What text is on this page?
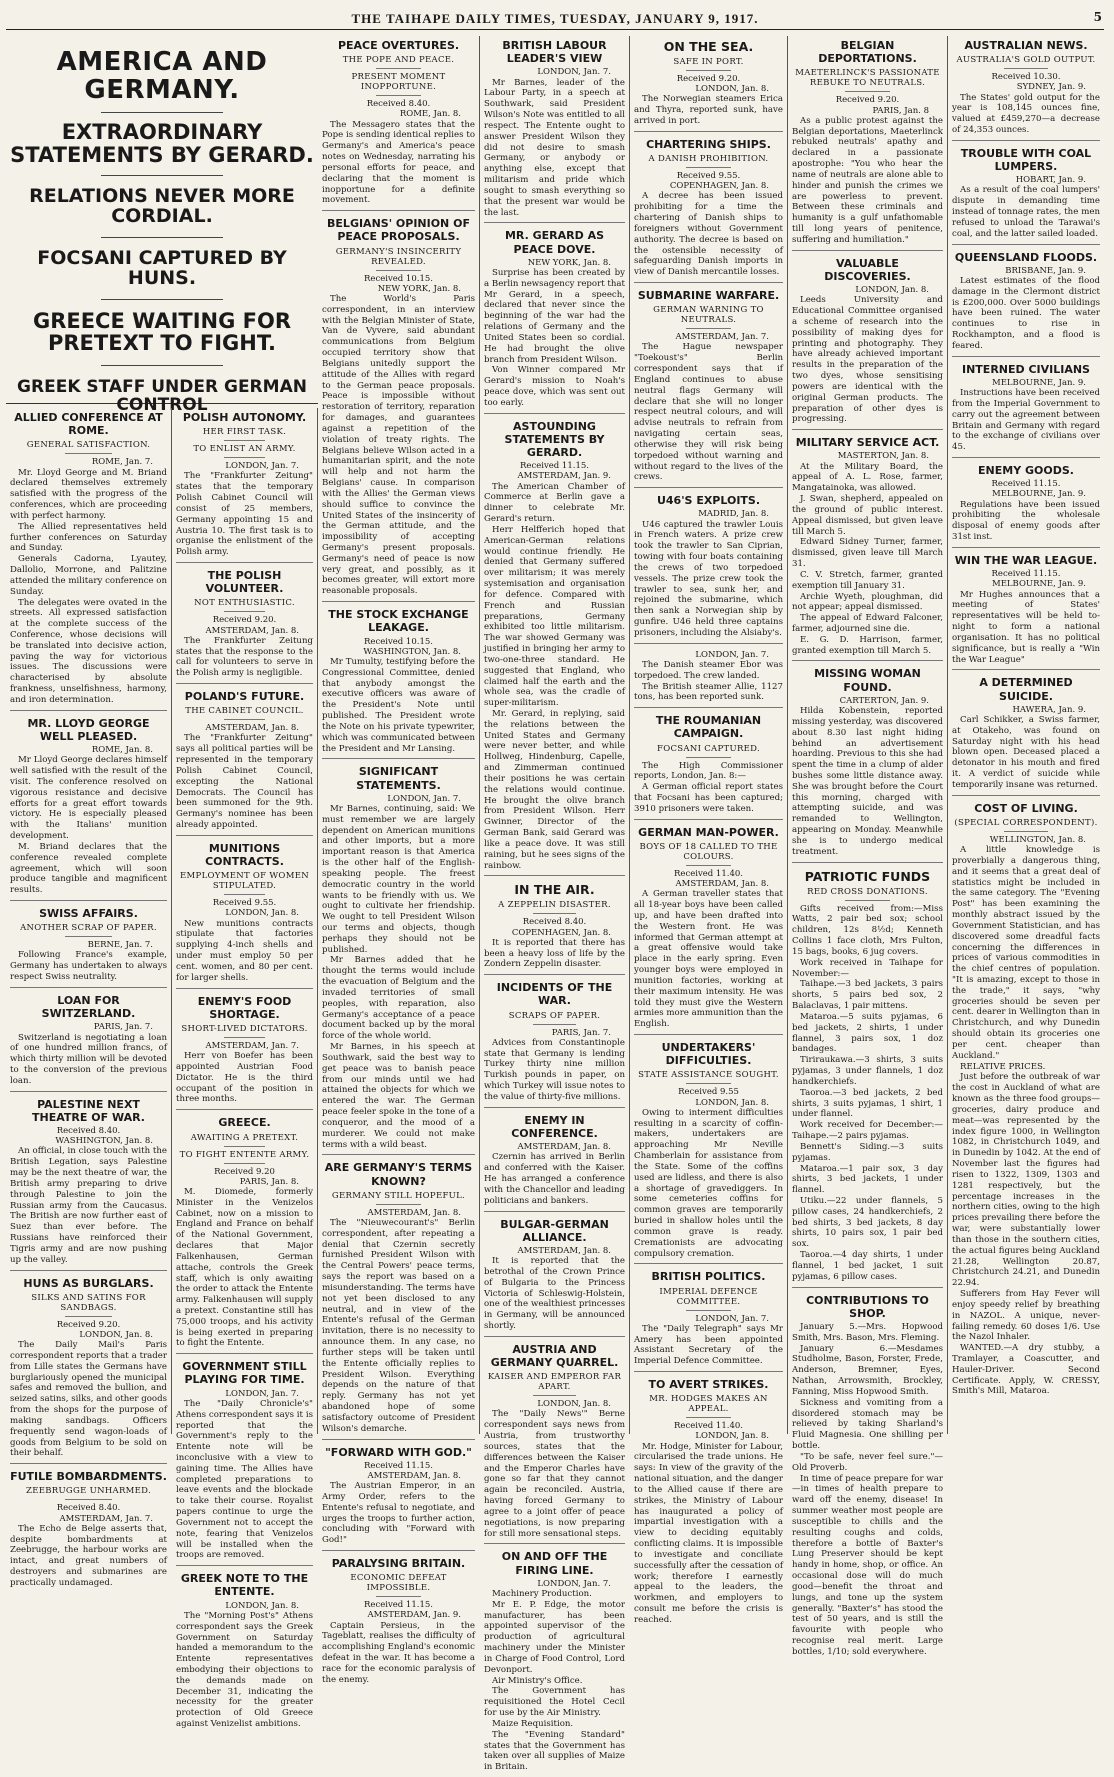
THE TAIHAPE DAILY TIMES, TUESDAY, JANUARY 9, 1917.	5
AMERICA AND GERMANY.
EXTRAORDINARY STATEMENTS BY GERARD.
RELATIONS NEVER MORE CORDIAL.
FOCSANI CAPTURED BY HUNS.
GREECE WAITING FOR PRETEXT TO FIGHT.
GREEK STAFF UNDER GERMAN CONTROL
ALLIED CONFERENCE AT ROME.
GENERAL SATISFACTION.
ROME, Jan. 7.

Mr. Lloyd George and M. Briand declared themselves extremely satisfied with the progress of the conferences, which are proceeding with perfect harmony.

The Allied representatives held further conferences on Saturday and Sunday.

Generals Cadorna, Lyautey, Dallolio, Morrone, and Palitzine attended the military conference on Sunday.

The delegates were ovated in the streets. All expressed satisfaction at the complete success of the Conference, whose decisions will be translated into decisive action, paving the way for victorious issues. The discussions were characterised by absolute frankness, unselfishness, harmony, and iron determination.

MR. LLOYD GEORGE WELL PLEASED.
ROME, Jan. 8.

Mr Lloyd George declares himself well satisfied with the result of the visit. The conference resolved on vigorous resistance and decisive efforts for a great effort towards victory. He is especially pleased with the Italians' munition development.

M. Briand declares that the conference revealed complete agreement, which will soon produce tangible and magnificent results.

SWISS AFFAIRS.
ANOTHER SCRAP OF PAPER.
BERNE, Jan. 7.

Following France's example, Germany has undertaken to always respect Swiss neutrality.

LOAN FOR SWITZERLAND.
PARIS, Jan. 7.

Switzerland is negotiating a loan of one hundred million francs, of which thirty million will be devoted to the conversion of the previous loan.

PALESTINE NEXT THEATRE OF WAR.
Received 8.40.
WASHINGTON, Jan. 8.

An official, in close touch with the British Legation, says Palestine may be the next theatre of war, the British army preparing to drive through Palestine to join the Russian army from the Caucasus. The British are now further east of Suez than ever before. The Russians have reinforced their Tigris army and are now pushing up the valley.

HUNS AS BURGLARS.
SILKS AND SATINS FOR SANDBAGS.
Received 9.20.
LONDON, Jan. 8.

The Daily Mail's Paris correspondent reports that a trader from Lille states the Germans have burglariously opened the municipal safes and removed the bullion, and seized satins, silks, and other goods from the shops for the purpose of making sandbags. Officers frequently send wagon-loads of goods from Belgium to be sold on their behalf.

FUTILE BOMBARDMENTS.
ZEEBRUGGE UNHARMED.
Received 8.40.
AMSTERDAM, Jan. 7.

The Echo de Belge asserts that, despite bombardments at Zeebrugge, the harbour works are intact, and great numbers of destroyers and submarines are practically undamaged.

POLISH AUTONOMY.
HER FIRST TASK.
TO ENLIST AN ARMY.
LONDON, Jan. 7.

The "Frankfurter Zeitung" states that the temporary Polish Cabinet Council will consist of 25 members, Germany appointing 15 and Austria 10. The first task is to organise the enlistment of the Polish army.

THE POLISH VOLUNTEER.
NOT ENTHUSIASTIC.
Received 9.20.
AMSTERDAM, Jan. 8.

The Frankfurter Zeitung states that the response to the call for volunteers to serve in the Polish army is negligible.

POLAND'S FUTURE.
THE CABINET COUNCIL.
AMSTERDAM, Jan. 8.

The "Frankfurter Zeitung" says all political parties will be represented in the temporary Polish Cabinet Council, excepting the National Democrats. The Council has been summoned for the 9th. Germany's nominee has been already appointed.

MUNITIONS CONTRACTS.
EMPLOYMENT OF WOMEN STIPULATED.
Received 9.55.
LONDON, Jan. 8.

New munitions contracts stipulate that factories supplying 4-inch shells and under must employ 50 per cent. women, and 80 per cent. for larger shells.

ENEMY'S FOOD SHORTAGE.
SHORT-LIVED DICTATORS.
AMSTERDAM, Jan. 7.

Herr von Boefer has been appointed Austrian Food Dictator. He is the third occupant of the position in three months.

GREECE.
AWAITING A PRETEXT.
TO FIGHT ENTENTE ARMY.
Received 9.20
PARIS, Jan. 8.

M. Diomede, formerly Minister in the Venizelos Cabinet, now on a mission to England and France on behalf of the National Government, declares that Major Falkenhausen, German attache, controls the Greek staff, which is only awaiting the order to attack the Entente army. Falkenhausen will supply a pretext. Constantine still has 75,000 troops, and his activity is being exerted in preparing to fight the Entente.

GOVERNMENT STILL PLAYING FOR TIME.
LONDON, Jan. 7.

The "Daily Chronicle's" Athens correspondent says it is reported that the Government's reply to the Entente note will be inconclusive with a view to gaining time. The Allies have completed preparations to leave events and the blockade to take their course. Royalist papers continue to urge the Government not to accept the note, fearing that Venizelos will be installed when the troops are removed.

GREEK NOTE TO THE ENTENTE.
LONDON, Jan. 8.

The "Morning Post's" Athens correspondent says the Greek Government on Saturday handed a memorandum to the Entente representatives embodying their objections to the demands made on December 31, indicating the necessity for the greater protection of Old Greece against Venizelist ambitions.

PEACE OVERTURES.
THE POPE AND PEACE.
PRESENT MOMENT INOPPORTUNE.
Received 8.40.
ROME, Jan. 8.

The Messagero states that the Pope is sending identical replies to Germany's and America's peace notes on Wednesday, narrating his personal efforts for peace, and declaring that the moment is inopportune for a definite movement.

BELGIANS' OPINION OF PEACE PROPOSALS.
GERMANY'S INSINCERITY REVEALED.
Received 10.15.
NEW YORK, Jan. 8.

The World's Paris correspondent, in an interview with the Belgian Minister of State, Van de Vyvere, said abundant communications from Belgium occupied territory show that Belgians unitedly support the attitude of the Allies with regard to the German peace proposals. Peace is impossible without restoration of territory, reparation for damages, and guarantees against a repetition of the violation of treaty rights. The Belgians believe Wilson acted in a humanitarian spirit, and the note will help and not harm the Belgians' cause. In comparison with the Allies' the German views should suffice to convince the United States of the insincerity of the German attitude, and the impossibility of accepting Germany's present proposals. Germany's need of peace is now very great, and possibly, as it becomes greater, will extort more reasonable proposals.

THE STOCK EXCHANGE LEAKAGE.
Received 10.15.
WASHINGTON, Jan. 8.

Mr Tumulty, testifying before the Congressional Committee, denied that anybody amongst the executive officers was aware of the President's Note until published. The President wrote the Note on his private typewriter, which was communicated between the President and Mr Lansing.

SIGNIFICANT STATEMENTS.
LONDON, Jan. 7.

Mr Barnes, continuing, said: We must remember we are largely dependent on American munitions and other imports, but a more important reason is that America is the other half of the English-speaking people. The freest democratic country in the world wants to be friendly with us. We ought to cultivate her friendship. We ought to tell President Wilson our terms and objects, though perhaps they should not be published.

Mr Barnes added that he thought the terms would include the evacuation of Belgium and the invaded territories of small peoples, with reparation, also Germany's acceptance of a peace document backed up by the moral force of the whole world.

Mr Barnes, in his speech at Southwark, said the best way to get peace was to banish peace from our minds until we had attained the objects for which we entered the war. The German peace feeler spoke in the tone of a conqueror, and the mood of a murderer. We could not make terms with a wild beast.

ARE GERMANY'S TERMS KNOWN?
GERMANY STILL HOPEFUL.
AMSTERDAM, Jan. 8.

The "Nieuwecourant's" Berlin correspondent, after repeating a denial that Czernin secretly furnished President Wilson with the Central Powers' peace terms, says the report was based on a misunderstanding. The terms have not yet been disclosed to any neutral, and in view of the Entente's refusal of the German invitation, there is no necessity to announce them. In any case, no further steps will be taken until the Entente officially replies to President Wilson. Everything depends on the nature of that reply. Germany has not yet abandoned hope of some satisfactory outcome of President Wilson's demarche.

"FORWARD WITH GOD."
Received 11.15.
AMSTERDAM, Jan. 8.

The Austrian Emperor, in an Army Order, refers to the Entente's refusal to negotiate, and urges the troops to further action, concluding with "Forward with God!"

PARALYSING BRITAIN.
ECONOMIC DEFEAT IMPOSSIBLE.
Received 11.15.
AMSTERDAM, Jan. 9.

Captain Persieus, in the Tageblatt, realises the difficulty of accomplishing England's economic defeat in the war. It has become a race for the economic paralysis of the enemy.

BRITISH LABOUR LEADER'S VIEW
LONDON, Jan. 7.

Mr Barnes, leader of the Labour Party, in a speech at Southwark, said President Wilson's Note was entitled to all respect. The Entente ought to answer President Wilson they did not desire to smash Germany, or anybody or anything else, except that militarism and pride which sought to smash everything so that the present war would be the last.

MR. GERARD AS PEACE DOVE.
NEW YORK, Jan. 8.

Surprise has been created by a Berlin newsagency report that Mr Gerard, in a speech, declared that never since the beginning of the war had the relations of Germany and the United States been so cordial. He had brought the olive branch from President Wilson.

Von Winner compared Mr Gerard's mission to Noah's peace dove, which was sent out too early.

ASTOUNDING STATEMENTS BY GERARD.
Received 11.15.
AMSTERDAM, Jan. 9.

The American Chamber of Commerce at Berlin gave a dinner to celebrate Mr. Gerard's return.

Herr Helfferich hoped that American-German relations would continue friendly. He denied that Germany suffered over militarism; it was merely systemisation and organisation for defence. Compared with French and Russian preparations, Germany exhibited too little militarism. The war showed Germany was justified in bringing her army to two-one-three standard. He suggested that England, who claimed half the earth and the whole sea, was the cradle of super-militarism.

Mr. Gerard, in replying, said the relations between the United States and Germany were never better, and while Hollweg, Hindenburg, Capelle, and Zimmerman continued their positions he was certain the relations would continue. He brought the olive branch from President Wilson. Herr Gwinner, Director of the German Bank, said Gerard was like a peace dove. It was still raining, but he sees signs of the rainbow.

IN THE AIR.
A ZEPPELIN DISASTER.
Received 8.40.
COPENHAGEN, Jan. 8.

It is reported that there has been a heavy loss of life by the Zondern Zeppelin disaster.

INCIDENTS OF THE WAR.
SCRAPS OF PAPER.
PARIS, Jan. 7.

Advices from Constantinople state that Germany is lending Turkey thirty nine million Turkish pounds in paper, on which Turkey will issue notes to the value of thirty-five millions.

ENEMY IN CONFERENCE.
AMSTERDAM, Jan. 8.

Czernin has arrived in Berlin and conferred with the Kaiser. He has arranged a conference with the Chancellor and leading politicians and bankers.

BULGAR-GERMAN ALLIANCE.
AMSTERDAM, Jan. 8.

It is reported that the betrothal of the Crown Prince of Bulgaria to the Princess Victoria of Schleswig-Holstein, one of the wealthiest princesses in Germany, will be announced shortly.

AUSTRIA AND GERMANY QUARREL.
KAISER AND EMPEROR FAR APART.
LONDON, Jan. 8.

The "Daily News'" Berne correspondent says news from Austria, from trustworthy sources, states that the differences between the Kaiser and the Emperor Charles have gone so far that they cannot again be reconciled. Austria, having forced Germany to agree to a joint offer of peace negotiations, is now preparing for still more sensational steps.

ON AND OFF THE FIRING LINE.
LONDON, Jan. 7.

Machinery Production.

Mr E. P. Edge, the motor manufacturer, has been appointed supervisor of the production of agricultural machinery under the Minister in Charge of Food Control, Lord Devonport.

Air Ministry's Office.

The Government has requisitioned the Hotel Cecil for use by the Air Ministry.

Maize Requisition.

The "Evening Standard" states that the Government has taken over all supplies of Maize in Britain.

ON THE SEA.
SAFE IN PORT.
Received 9.20.
LONDON, Jan. 8.

The Norwegian steamers Erica and Thyra, reported sunk, have arrived in port.

CHARTERING SHIPS.
A DANISH PROHIBITION.
Received 9.55.
COPENHAGEN, Jan. 8.

A decree has been issued prohibiting for a time the chartering of Danish ships to foreigners without Government authority. The decree is based on the ostensible necessity of safeguarding Danish imports in view of Danish mercantile losses.

SUBMARINE WARFARE.
GERMAN WARNING TO NEUTRALS.
AMSTERDAM, Jan. 7.

The Hague newspaper "Toekoust's" Berlin correspondent says that if England continues to abuse neutral flags Germany will declare that she will no longer respect neutral colours, and will advise neutrals to refrain from navigating certain seas, otherwise they will risk being torpedoed without warning and without regard to the lives of the crews.

U46'S EXPLOITS.
MADRID, Jan. 8.

U46 captured the trawler Louis in French waters. A prize crew took the trawler to San Ciprian, towing with four boats containing the crews of two torpedoed vessels. The prize crew took the trawler to sea, sunk her, and rejoined the submarine, which then sank a Norwegian ship by gunfire. U46 held three captains prisoners, including the Alsiaby's.

LONDON, Jan. 7.

The Danish steamer Ebor was torpedoed. The crew landed.

The British steamer Allie, 1127 tons, has been reported sunk.

THE ROUMANIAN CAMPAIGN.
FOCSANI CAPTURED.

The High Commissioner reports, London, Jan. 8:—

A German official report states that Focsani has been captured; 3910 prisoners were taken.

GERMAN MAN-POWER.
BOYS OF 18 CALLED TO THE COLOURS.
Received 11.40.
AMSTERDAM, Jan. 8.

A German traveller states that all 18-year boys have been called up, and have been drafted into the Western front. He was informed that German attempt at a great offensive would take place in the early spring. Even younger boys were employed in munition factories, working at their maximum intensity. He was told they must give the Western armies more ammunition than the English.

UNDERTAKERS' DIFFICULTIES.
STATE ASSISTANCE SOUGHT.
Received 9.55
LONDON, Jan. 8.

Owing to interment difficulties resulting in a scarcity of coffin-makers, undertakers are approaching Mr Neville Chamberlain for assistance from the State. Some of the coffins used are lidless, and there is also a shortage of gravediggers. In some cemeteries coffins for common graves are temporarily buried in shallow holes until the common grave is ready. Cremationists are advocating compulsory cremation.

BRITISH POLITICS.
IMPERIAL DEFENCE COMMITTEE.
LONDON, Jan. 7.

The "Daily Telegraph" says Mr Amery has been appointed Assistant Secretary of the Imperial Defence Committee.

TO AVERT STRIKES.
MR. HODGES MAKES AN APPEAL.
Received 11.40.
LONDON, Jan. 8.

Mr. Hodge, Minister for Labour, circularised the trade unions. He says: In view of the gravity of the national situation, and the danger to the Allied cause if there are strikes, the Ministry of Labour has inaugurated a policy of impartial investigation with a view to deciding equitably conflicting claims. It is impossible to investigate and conciliate successfully after the cessation of work; therefore I earnestly appeal to the leaders, the workmen, and employers to consult me before the crisis is reached.

BELGIAN DEPORTATIONS.
MAETERLINCK'S PASSIONATE REBUKE TO NEUTRALS.
Received 9.20.
PARIS, Jan. 8

As a public protest against the Belgian deportations, Maeterlinck rebuked neutrals' apathy and declared in a passionate apostrophe: "You who hear the name of neutrals are alone able to hinder and punish the crimes we are powerless to prevent. Between these criminals and humanity is a gulf unfathomable till long years of penitence, suffering and humiliation."

VALUABLE DISCOVERIES.
LONDON, Jan. 8.

Leeds University and Educational Committee organised a scheme of research into the possibility of making dyes for printing and photography. They have already achieved important results in the preparation of the two dyes, whose sensitising powers are identical with the original German products. The preparation of other dyes is progressing.

MILITARY SERVICE ACT.
MASTERTON, Jan. 8.

At the Military Board, the appeal of A. L. Rose, farmer, Mangatainoka, was allowed.

J. Swan, shepherd, appealed on the ground of public interest. Appeal dismissed, but given leave till March 5.

Edward Sidney Turner, farmer, dismissed, given leave till March 31.

C. V. Stretch, farmer, granted exemption till January 31.

Archie Wyeth, ploughman, did not appear; appeal dismissed.

The appeal of Edward Falconer, farmer, adjourned sine die.

E. G. D. Harrison, farmer, granted exemption till March 5.

MISSING WOMAN FOUND.
CARTERTON, Jan. 9.

Hilda Kobenstein, reported missing yesterday, was discovered about 8.30 last night hiding behind an advertisement hoarding. Previous to this she had spent the time in a clump of alder bushes some little distance away. She was brought before the Court this morning, charged with attempting suicide, and was remanded to Wellington, appearing on Monday. Meanwhile she is to undergo medical treatment.

PATRIOTIC FUNDS
RED CROSS DONATIONS.

Gifts received from:—Miss Watts, 2 pair bed sox; school children, 12s 8½d; Kenneth Collins 1 face cloth, Mrs Fulton, 15 bags, books, 6 jug covers.

Work received in Taihape for November:—

Taihape.—3 bed jackets, 3 pairs shorts, 5 pairs bed sox, 2 Balaclavas, 1 pair mittens.

Mataroa.—5 suits pyjamas, 6 bed jackets, 2 shirts, 1 under flannel, 3 pairs sox, 1 doz bandages.

Tiriraukawa.—3 shirts, 3 suits pyjamas, 3 under flannels, 1 doz handkerchiefs.

Taoroa.—3 bed jackets, 2 bed shirts, 3 suits pyjamas, 1 shirt, 1 under flannel.

Work received for December:—Taihape.—2 pairs pyjamas.

Bennett's Siding.—3 suits pyjamas.

Mataroa.—1 pair sox, 3 day shirts, 3 bed jackets, 1 under flannel.

Utiku.—22 under flannels, 5 pillow cases, 24 handkerchiefs, 2 bed shirts, 3 bed jackets, 8 day shirts, 10 pairs sox, 1 pair bed sox.

Taoroa.—4 day shirts, 1 under flannel, 1 bed jacket, 1 suit pyjamas, 6 pillow cases.

CONTRIBUTIONS TO SHOP.

January 5.—Mrs. Hopwood Smith, Mrs. Bason, Mrs. Fleming.

January 6.—Mesdames Studholme, Bason, Forster, Frede, Anderson, Bremner, Eyes, Nathan, Arrowsmith, Brockley, Fanning, Miss Hopwood Smith.

Sickness and vomiting from a disordered stomach may be relieved by taking Sharland's Fluid Magnesia. One shilling per bottle.

"To be safe, never feel sure."—Old Proverb.

In time of peace prepare for war—in times of health prepare to ward off the enemy, disease! In summer weather most people are susceptible to chills and the resulting coughs and colds, therefore a bottle of Baxter's Lung Preserver should be kept handy in home, shop, or office. An occasional dose will do much good—benefit the throat and lungs, and tone up the system generally. "Baxter's" has stood the test of 50 years, and is still the favourite with people who recognise real merit. Large bottles, 1/10; sold everywhere.

AUSTRALIAN NEWS.
AUSTRALIA'S GOLD OUTPUT.
Received 10.30.
SYDNEY, Jan. 9.

The States' gold output for the year is 108,145 ounces fine, valued at £459,270—a decrease of 24,353 ounces.

TROUBLE WITH COAL LUMPERS.
HOBART, Jan. 9.

As a result of the coal lumpers' dispute in demanding time instead of tonnage rates, the men refused to unload the Tarawai's coal, and the latter sailed loaded.

QUEENSLAND FLOODS.
BRISBANE, Jan. 9.

Latest estimates of the flood damage in the Clermont district is £200,000. Over 5000 buildings have been ruined. The water continues to rise in Rockhampton, and a flood is feared.

INTERNED CIVILIANS
MELBOURNE, Jan. 9.

Instructions have been received from the Imperial Government to carry out the agreement between Britain and Germany with regard to the exchange of civilians over 45.

ENEMY GOODS.
Received 11.15.
MELBOURNE, Jan. 9.

Regulations have been issued prohibiting the wholesale disposal of enemy goods after 31st inst.

WIN THE WAR LEAGUE.
Received 11.15.
MELBOURNE, Jan. 9.

Mr Hughes announces that a meeting of States' representatives will be held to-night to form a national organisation. It has no political significance, but is really a "Win the War League"

A DETERMINED SUICIDE.
HAWERA, Jan. 9.

Carl Schikker, a Swiss farmer, at Otakeho, was found on Saturday night with his head blown open. Deceased placed a detonator in his mouth and fired it. A verdict of suicide while temporarily insane was returned.

COST OF LIVING.
(SPECIAL CORRESPONDENT).
WELLINGTON, Jan. 8.

A little knowledge is proverbially a dangerous thing, and it seems that a great deal of statistics might be included in the same category. The "Evening Post" has been examining the monthly abstract issued by the Government Statistician, and has discovered some dreadful facts concerning the differences in prices of various commodities in the chief centres of population. "It is amazing, except to those in the trade," it says, "why groceries should be seven per cent. dearer in Wellington than in Christchurch, and why Dunedin should obtain its groceries one per cent. cheaper than Auckland."

RELATIVE PRICES.

Just before the outbreak of war the cost in Auckland of what are known as the three food groups—groceries, dairy produce and meat—was represented by the index figure 1000, in Wellington 1082, in Christchurch 1049, and in Dunedin by 1042. At the end of November last the figures had risen to 1322, 1309, 1303 and 1281 respectively, but the percentage increases in the northern cities, owing to the high prices prevailing there before the war, were substantially lower than those in the southern cities, the actual figures being Auckland 21.28, Wellington 20.87, Christchurch 24.21, and Dunedin 22.94.

Sufferers from Hay Fever will enjoy speedy relief by breathing in NAZOL. A unique, never-failing remedy. 60 doses 1/6. Use the Nazol Inhaler.

WANTED.—A dry stubby, a Tramlayer, a Coascutter, and Hauler-Driver. Second Certificate. Apply, W. CRESSY, Smith's Mill, Mataroa.
